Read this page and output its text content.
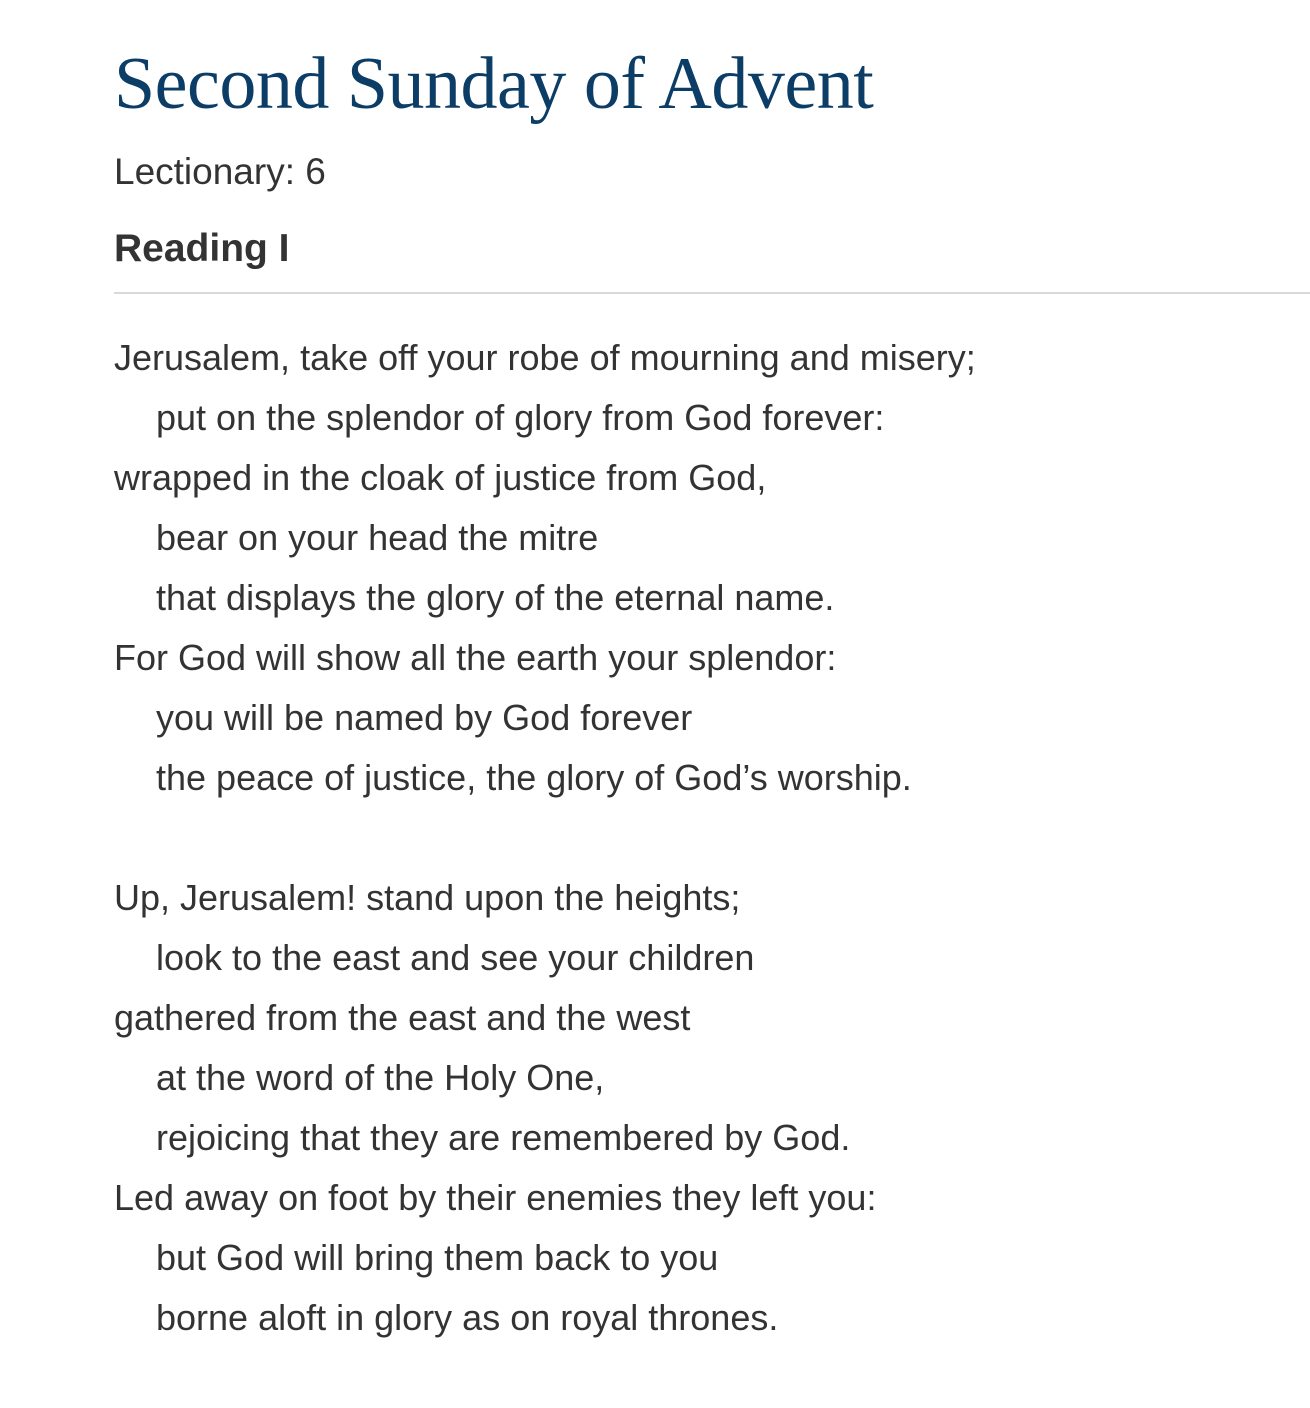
Second Sunday of Advent
Lectionary: 6
Reading I
Jerusalem, take off your robe of mourning and misery;
put on the splendor of glory from God forever:
wrapped in the cloak of justice from God,
bear on your head the mitre
that displays the glory of the eternal name.
For God will show all the earth your splendor:
you will be named by God forever
the peace of justice, the glory of God’s worship.
Up, Jerusalem! stand upon the heights;
look to the east and see your children
gathered from the east and the west
at the word of the Holy One,
rejoicing that they are remembered by God.
Led away on foot by their enemies they left you:
but God will bring them back to you
borne aloft in glory as on royal thrones.
